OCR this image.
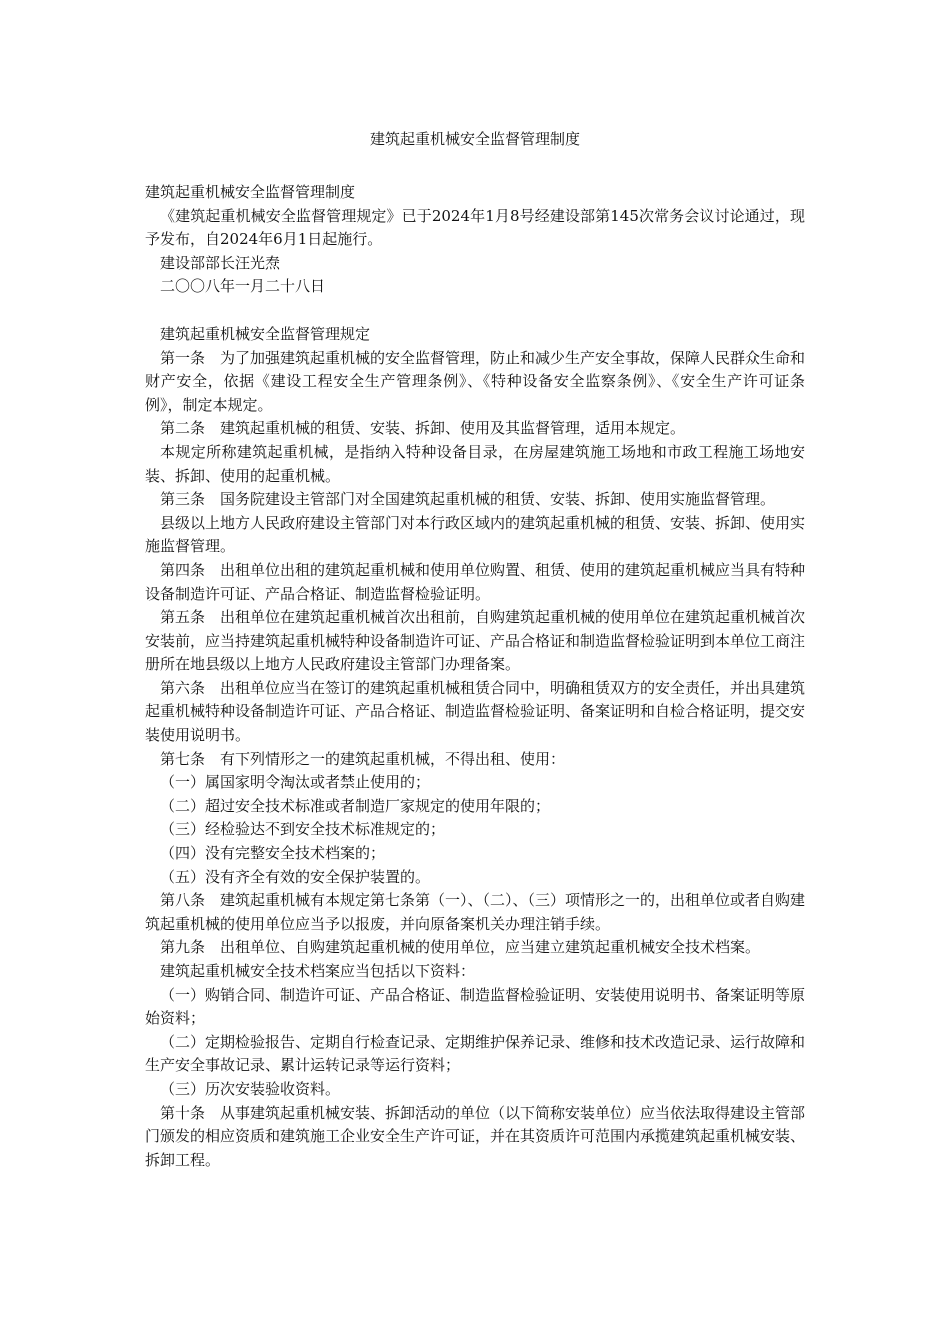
建筑起重机械安全监督管理制度

建筑起重机械安全监督管理制度

《建筑起重机械安全监督管理规定》已于2024年1月8号经建设部第145次常务会议讨论通过，现予发布，自2024年6月1日起施行。

建设部部长汪光焘

二〇〇八年一月二十八日

建筑起重机械安全监督管理规定

第一条　为了加强建筑起重机械的安全监督管理，防止和减少生产安全事故，保障人民群众生命和财产安全，依据《建设工程安全生产管理条例》、《特种设备安全监察条例》、《安全生产许可证条例》，制定本规定。

第二条　建筑起重机械的租赁、安装、拆卸、使用及其监督管理，适用本规定。

本规定所称建筑起重机械，是指纳入特种设备目录，在房屋建筑施工场地和市政工程施工场地安装、拆卸、使用的起重机械。

第三条　国务院建设主管部门对全国建筑起重机械的租赁、安装、拆卸、使用实施监督管理。

县级以上地方人民政府建设主管部门对本行政区域内的建筑起重机械的租赁、安装、拆卸、使用实施监督管理。

第四条　出租单位出租的建筑起重机械和使用单位购置、租赁、使用的建筑起重机械应当具有特种设备制造许可证、产品合格证、制造监督检验证明。

第五条　出租单位在建筑起重机械首次出租前，自购建筑起重机械的使用单位在建筑起重机械首次安装前，应当持建筑起重机械特种设备制造许可证、产品合格证和制造监督检验证明到本单位工商注册所在地县级以上地方人民政府建设主管部门办理备案。

第六条　出租单位应当在签订的建筑起重机械租赁合同中，明确租赁双方的安全责任，并出具建筑起重机械特种设备制造许可证、产品合格证、制造监督检验证明、备案证明和自检合格证明，提交安装使用说明书。

第七条　有下列情形之一的建筑起重机械，不得出租、使用：

（一）属国家明令淘汰或者禁止使用的；

（二）超过安全技术标准或者制造厂家规定的使用年限的；

（三）经检验达不到安全技术标准规定的；

（四）没有完整安全技术档案的；

（五）没有齐全有效的安全保护装置的。

第八条　建筑起重机械有本规定第七条第（一）、（二）、（三）项情形之一的，出租单位或者自购建筑起重机械的使用单位应当予以报废，并向原备案机关办理注销手续。

第九条　出租单位、自购建筑起重机械的使用单位，应当建立建筑起重机械安全技术档案。

建筑起重机械安全技术档案应当包括以下资料：

（一）购销合同、制造许可证、产品合格证、制造监督检验证明、安装使用说明书、备案证明等原始资料；

（二）定期检验报告、定期自行检查记录、定期维护保养记录、维修和技术改造记录、运行故障和生产安全事故记录、累计运转记录等运行资料；

（三）历次安装验收资料。

第十条　从事建筑起重机械安装、拆卸活动的单位（以下简称安装单位）应当依法取得建设主管部门颁发的相应资质和建筑施工企业安全生产许可证，并在其资质许可范围内承揽建筑起重机械安装、拆卸工程。
